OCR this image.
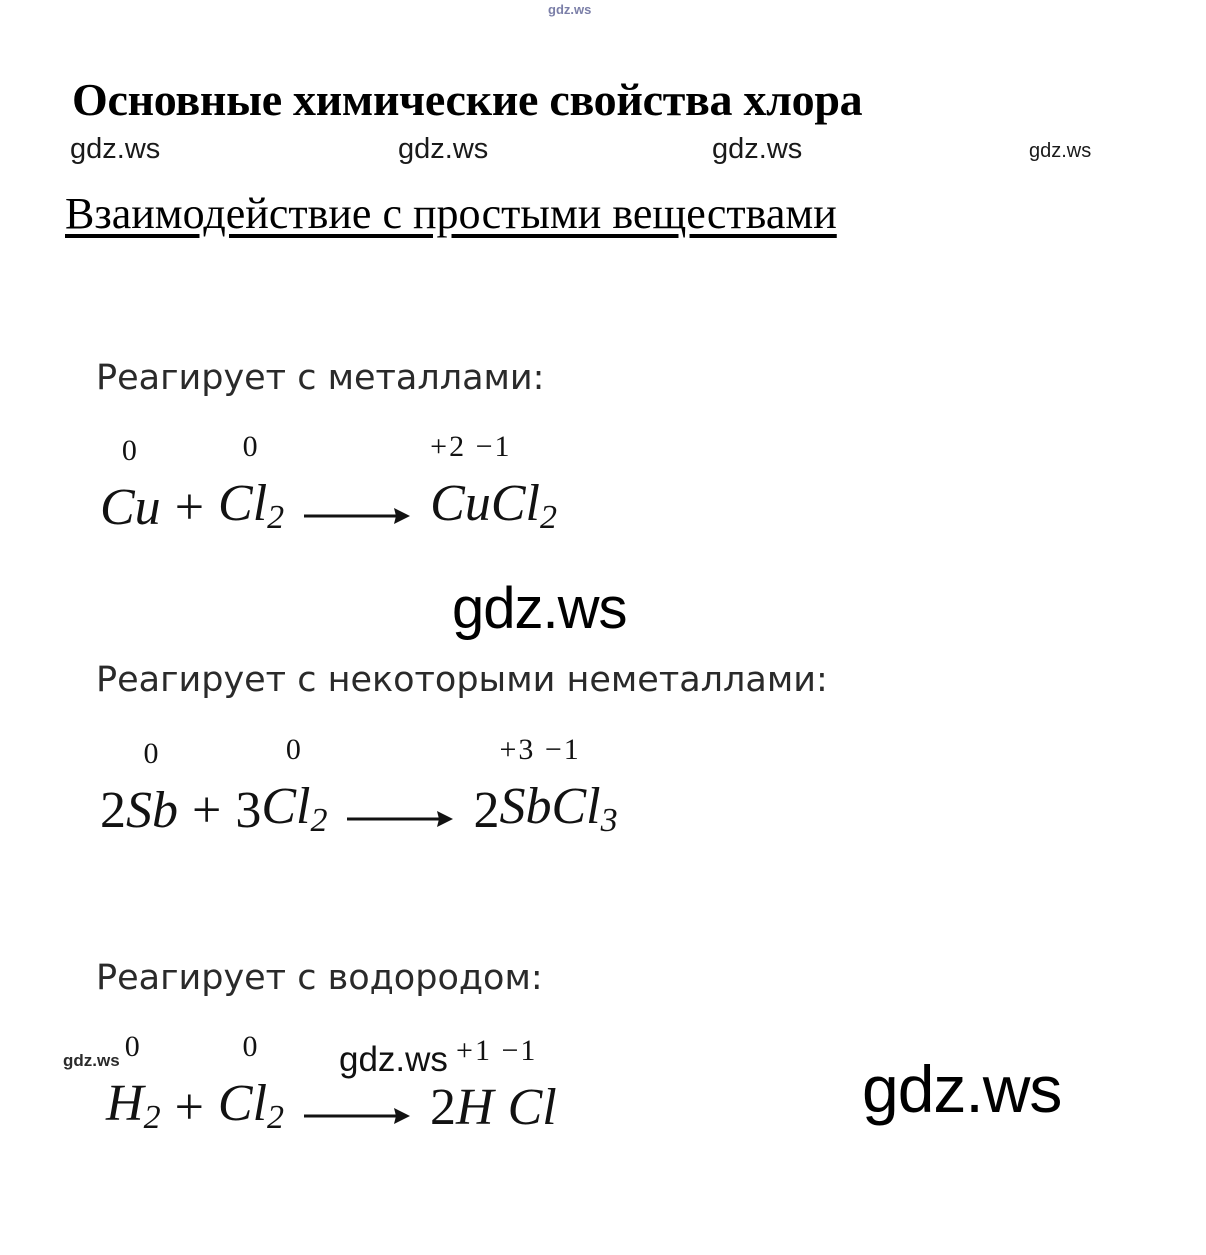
gdz.ws
gdz.ws	gdz.ws	gdz.ws	gdz.ws
gdz.ws
gdz.ws	gdz.ws	gdz.ws
Основные химические свойства хлора
Взаимодействие с простыми веществами
Реагирует с металлами:
0
Cu +
0
Cl2 →
+2 −1
CuCl2
Реагирует с некоторыми неметаллами:
2
0
Sb + 3
0
Cl2 → 2
+3 −1
SbCl3
Реагирует с водородом:
0
H2 +
0
Cl2 → 2
+1 −1
H Cl
